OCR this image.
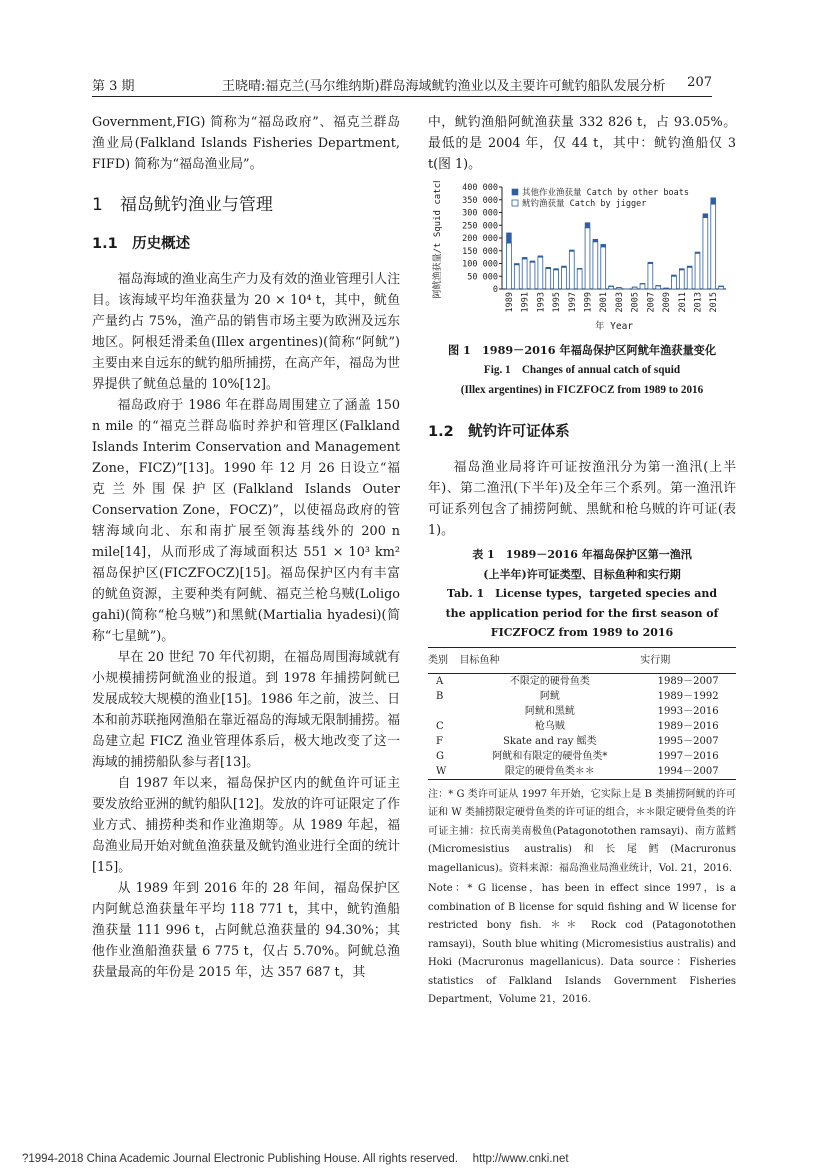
第 3 期	王晓晴:福克兰(马尔维纳斯)群岛海域鱿钓渔业以及主要许可鱿钓船队发展分析 207

Government,FIG) 简称为“福岛政府”、福克兰群岛渔业局(Falkland Islands Fisheries Department, FIFD) 简称为“福岛渔业局”。

1　福岛鱿钓渔业与管理
1.1　历史概述

福岛海域的渔业高生产力及有效的渔业管理引人注目。该海域平均年渔获量为 20 × 10⁴ t，其中，鱿鱼产量约占 75%，渔产品的销售市场主要为欧洲及远东地区。阿根廷滑柔鱼(Illex argentines)(简称“阿鱿”)主要由来自远东的鱿钓船所捕捞，在高产年，福岛为世界提供了鱿鱼总量的 10%[12]。

福岛政府于 1986 年在群岛周围建立了涵盖 150 n mile 的“福克兰群岛临时养护和管理区(Falkland Islands Interim Conservation and Management Zone，FICZ)”[13]。1990 年 12 月 26 日设立“福克兰外围保护区(Falkland Islands Outer Conservation Zone，FOCZ)”，以使福岛政府的管辖海域向北、东和南扩展至领海基线外的 200 n mile[14]，从而形成了海域面积达 551 × 10³ km² 福岛保护区(FICZFOCZ)[15]。福岛保护区内有丰富的鱿鱼资源，主要种类有阿鱿、福克兰枪乌贼(Loligo gahi)(简称“枪乌贼”)和黑鱿(Martialia hyadesi)(简称“七星鱿”)。

早在 20 世纪 70 年代初期，在福岛周围海域就有小规模捕捞阿鱿渔业的报道。到 1978 年捕捞阿鱿已发展成较大规模的渔业[15]。1986 年之前，波兰、日本和前苏联拖网渔船在靠近福岛的海域无限制捕捞。福岛建立起 FICZ 渔业管理体系后，极大地改变了这一海域的捕捞船队参与者[13]。

自 1987 年以来，福岛保护区内的鱿鱼许可证主要发放给亚洲的鱿钓船队[12]。发放的许可证限定了作业方式、捕捞种类和作业渔期等。从 1989 年起，福岛渔业局开始对鱿鱼渔获量及鱿钓渔业进行全面的统计[15]。

从 1989 年到 2016 年的 28 年间，福岛保护区内阿鱿总渔获量年平均 118 771 t，其中，鱿钓渔船渔获量 111 996 t，占阿鱿总渔获量的 94.30%；其他作业渔船渔获量 6 775 t，仅占 5.70%。阿鱿总渔获量最高的年份是 2015 年，达 357 687 t，其

中，鱿钓渔船阿鱿渔获量 332 826 t，占 93.05%。最低的是 2004 年，仅 44 t，其中：鱿钓渔船仅 3 t(图 1)。

0
50 000
100 000
150 000
200 000
250 000
300 000
350 000
400 000
阿鱿渔获量/t Squid catch
1989 1991 1993 1995 1997 1999 2001 2003 2005 2007 2009 2011 2013 2015
年 Year
其他作业渔获量 Catch by other boats
鱿钓渔获量 Catch by jigger
图 1　1989－2016 年福岛保护区阿鱿年渔获量变化
Fig. 1　Changes of annual catch of squid
(Illex argentines) in FICZFOCZ from 1989 to 2016
1.2　鱿钓许可证体系

福岛渔业局将许可证按渔汛分为第一渔汛(上半年)、第二渔汛(下半年)及全年三个系列。第一渔汛许可证系列包含了捕捞阿鱿、黑鱿和枪乌贼的许可证(表 1)。

表 1　1989－2016 年福岛保护区第一渔汛
(上半年)许可证类型、目标鱼种和实行期
Tab. 1　License types，targeted species and
the application period for the first season of
FICZFOCZ from 1989 to 2016
类别	目标鱼种	实行期
A	不限定的硬骨鱼类	1989－2007
B	阿鱿	1989－1992
	阿鱿和黑鱿	1993－2016
C	枪乌贼	1989－2016
F	Skate and ray 鳐类	1995－2007
G	阿鱿和有限定的硬骨鱼类*	1997－2016
W	限定的硬骨鱼类＊＊	1994－2007
注：* G 类许可证从 1997 年开始，它实际上是 B 类捕捞阿鱿的许可证和 W 类捕捞限定硬骨鱼类的许可证的组合，＊＊限定硬骨鱼类的许可证主捕：拉氏南美南极鱼(Patagonotothen ramsayi)、南方蓝鳕(Micromesistius australis)和长尾鳕(Macruronus magellanicus)。资料来源：福岛渔业局渔业统计，Vol. 21，2016.
Note：* G license，has been in effect since 1997，is a combination of B license for squid fishing and W license for restricted bony fish. ＊＊ Rock cod (Patagonotothen ramsayi)，South blue whiting (Micromesistius australis) and Hoki (Macruronus magellanicus). Data source：Fisheries statistics of Falkland Islands Government Fisheries Department，Volume 21，2016.
?1994-2018 China Academic Journal Electronic Publishing House. All rights reserved.　 http://www.cnki.net
